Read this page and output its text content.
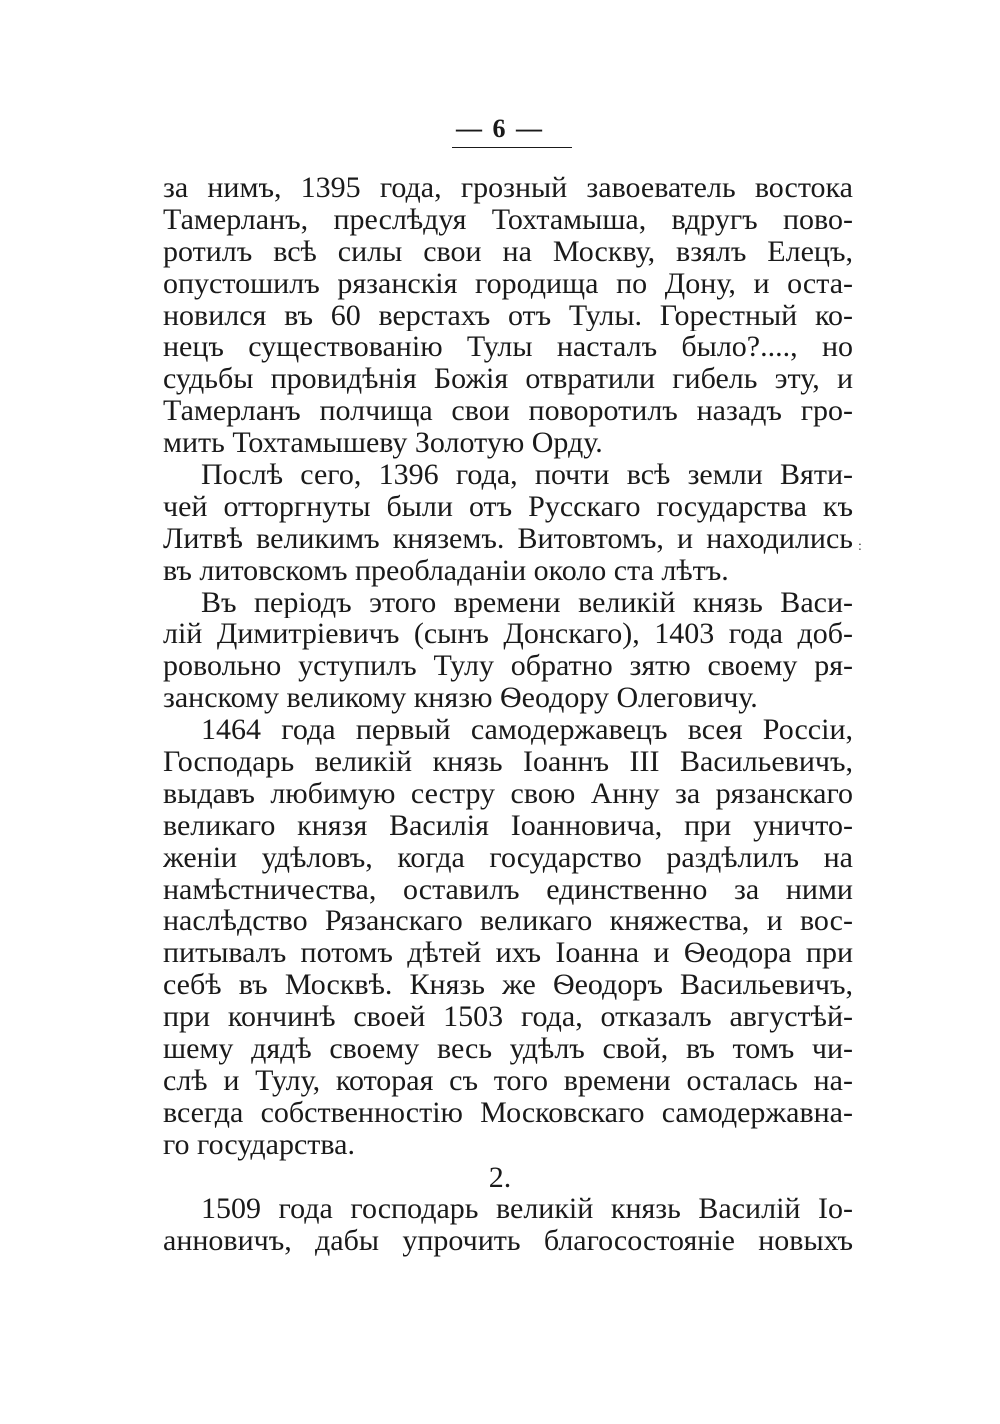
— 6 —
за нимъ, 1395 года, грозный завоеватель востока
Тамерланъ, преслѣдуя Тохтамыша, вдругъ пово-
ротилъ всѣ силы свои на Москву, взялъ Елецъ,
опустошилъ рязанскія городища по Дону, и оста-
новился въ 60 верстахъ отъ Тулы. Горестный ко-
нецъ существованію Тулы насталъ было?...., но
судьбы провидѣнія Божія отвратили гибель эту, и
Тамерланъ полчища свои поворотилъ назадъ гро-
мить Тохтамышеву Золотую Орду.
Послѣ сего, 1396 года, почти всѣ земли Вяти-
чей отторгнуты были отъ Русскаго государства къ
Литвѣ великимъ княземъ. Витовтомъ, и находились
въ литовскомъ преобладаніи около ста лѣтъ.
Въ періодъ этого времени великій князь Васи-
лій Димитріевичъ (сынъ Донскаго), 1403 года доб-
ровольно уступилъ Тулу обратно зятю своему ря-
занскому великому князю Ѳеодору Олеговичу.
1464 года первый самодержавецъ всея Россіи,
Господарь великій князь Іоаннъ III Васильевичъ,
выдавъ любимую сестру свою Анну за рязанскаго
великаго князя Василія Іоанновича, при уничто-
женіи удѣловъ, когда государство раздѣлилъ на
намѣстничества, оставилъ единственно за ними
наслѣдство Рязанскаго великаго княжества, и вос-
питывалъ потомъ дѣтей ихъ Іоанна и Ѳеодора при
себѣ въ Москвѣ. Князь же Ѳеодоръ Васильевичъ,
при кончинѣ своей 1503 года, отказалъ августѣй-
шему дядѣ своему весь удѣлъ свой, въ томъ чи-
слѣ и Тулу, которая съ того времени осталась на-
всегда собственностію Московскаго самодержавна-
го государства.
2.
1509 года господарь великій князь Василій Іо-
анновичъ, дабы упрочить благосостояніе новыхъ
:
